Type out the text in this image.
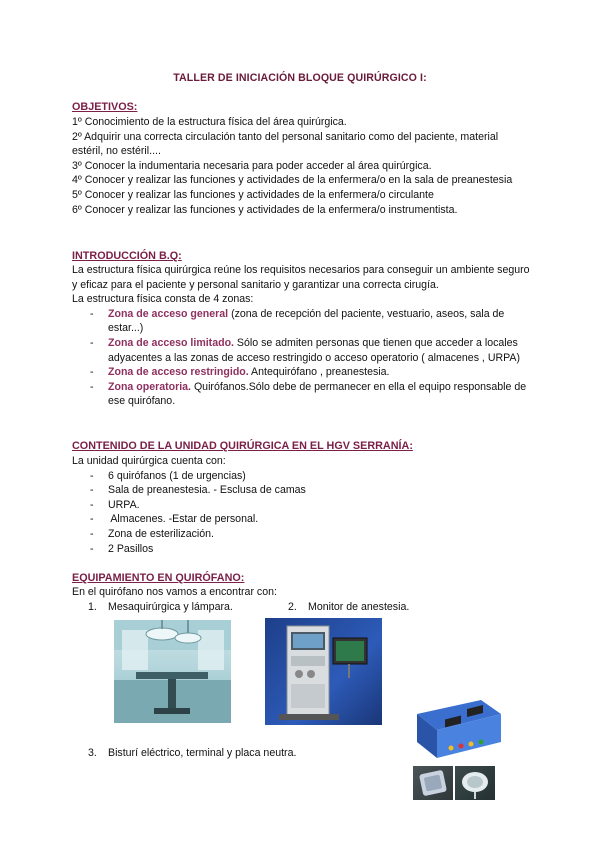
TALLER DE INICIACIÓN BLOQUE QUIRÚRGICO I:
OBJETIVOS:

1º Conocimiento de la estructura física del área quirúrgica.

2º Adquirir una correcta circulación tanto del personal sanitario como del paciente, material estéril, no estéril....

3º Conocer la indumentaria necesaria para poder acceder al área quirúrgica.

4º Conocer y realizar las funciones y actividades de la enfermera/o en la sala de preanestesia

5º Conocer y realizar las funciones y actividades de la enfermera/o circulante

6º Conocer y realizar las funciones y actividades de la enfermera/o instrumentista.

INTRODUCCIÓN B.Q:

La estructura física quirúrgica reúne los requisitos necesarios para conseguir un ambiente seguro y eficaz para el paciente y personal sanitario y garantizar una correcta cirugía.

La estructura física consta de 4 zonas:

- Zona de acceso general (zona de recepción del paciente, vestuario, aseos, sala de estar...)
- Zona de acceso limitado. Sólo se admiten personas que tienen que acceder a locales adyacentes a las zonas de acceso restringido o acceso operatorio ( almacenes , URPA)
- Zona de acceso restringido. Antequirófano , preanestesia.
- Zona operatoria. Quirófanos.Sólo debe de permanecer en ella el equipo responsable de ese quirófano.
CONTENIDO DE LA UNIDAD QUIRÚRGICA EN EL HGV SERRANÍA:

La unidad quirúrgica cuenta con:

- 6 quirófanos (1 de urgencias)
- Sala de preanestesia. - Esclusa de camas
- URPA.
- Almacenes. -Estar de personal.
- Zona de esterilización.
- 2 Pasillos
EQUIPAMIENTO EN QUIRÓFANO:
En el quirófano nos vamos a encontrar con:
1. Mesaquirúrgica y lámpara.	2. Monitor de anestesia.
3. Bisturí eléctrico, terminal y placa neutra.
